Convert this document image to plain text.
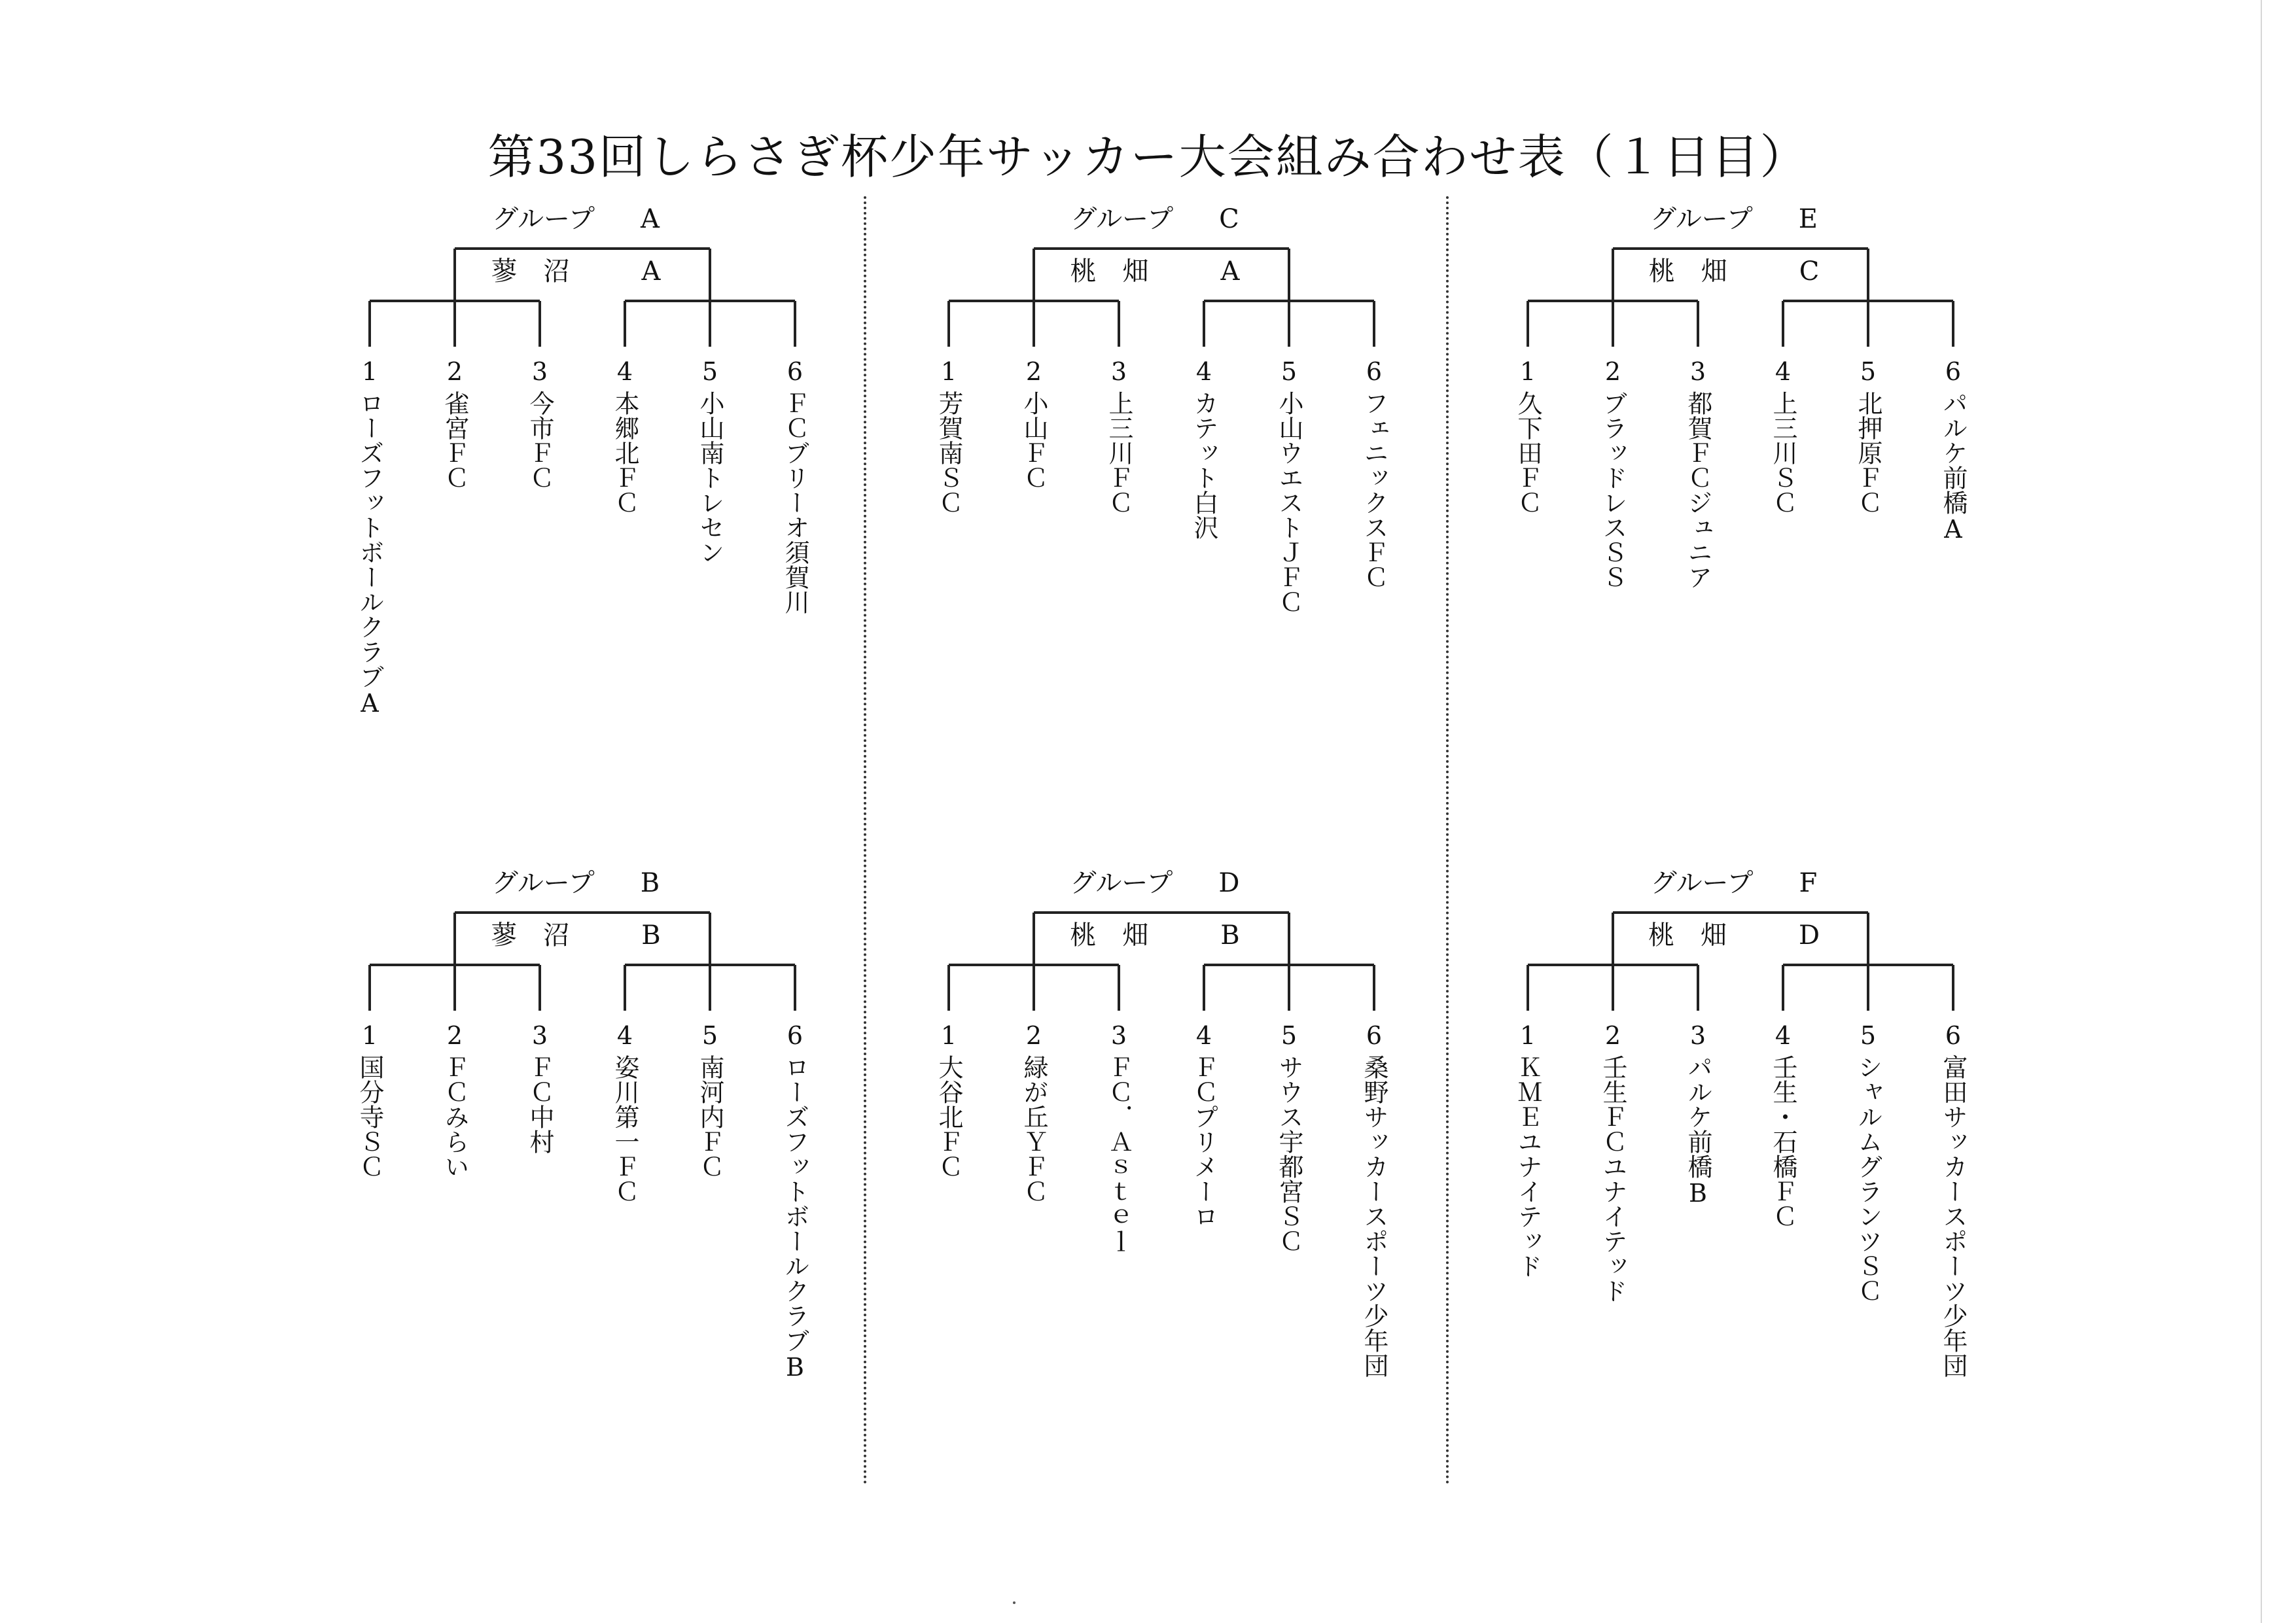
第33回しらさぎ杯少年サッカー大会組み合わせ表（１日目）
グループ A
蓼 沼	A
1
ローズフットボールクラブA
2
雀宮ＦＣ
3
今市ＦＣ
4
本郷北ＦＣ
5
小山南トレセン
6
ＦＣブリーオ須賀川
グループ B
蓼 沼	B
1
国分寺ＳＣ
2
ＦＣみらい
3
ＦＣ中村
4
姿川第一ＦＣ
5
南河内ＦＣ
6
ローズフットボールクラブB
グループ C
桃 畑	A
1
芳賀南ＳＣ
2
小山ＦＣ
3
上三川ＦＣ
4
カテット白沢
5
小山ウエストＪＦＣ
6
フェニックスＦＣ
グループ D
桃 畑	B
1
大谷北ＦＣ
2
緑が丘ＹＦＣ
3
ＦＣ．Ａｓｔｅｌ
4
ＦＣプリメーロ
5
サウス宇都宮ＳＣ
6
桑野サッカースポーツ少年団
グループ E
桃 畑	C
1
久下田ＦＣ
2
ブラッドレスＳＳ
3
都賀ＦＣジュニア
4
上三川ＳＣ
5
北押原ＦＣ
6
パルケ前橋A
グループ F
桃 畑	D
1
ＫＭＥユナイテッド
2
壬生ＦＣユナイテッド
3
パルケ前橋B
4
壬生・石橋ＦＣ
5
シャルムグランツＳＣ
6
富田サッカースポーツ少年団
